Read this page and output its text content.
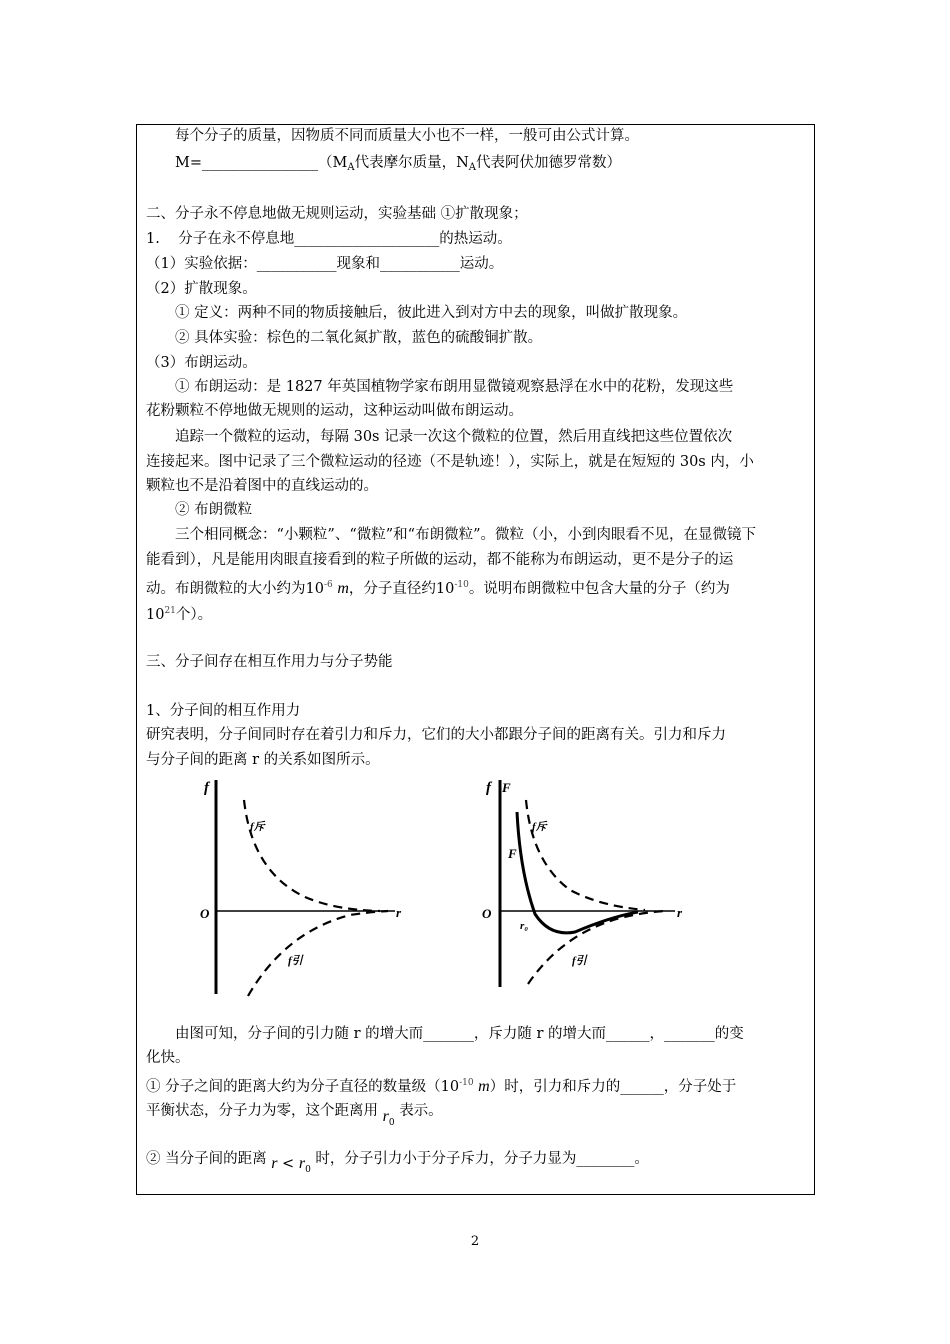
每个分子的质量，因物质不同而质量大小也不一样，一般可由公式计算。
$M=\_\_\_\_\_\_\_\_\_\_\_\_\_\_\_\_(M_A$代表摩尔质量，$N_A$代表阿伏加德罗常数）
二、分子永不停息地做无规则运动，实验基础 ①扩散现象；
1.    分子在永不停息地____________________的热运动。
（1）实验依据：___________现象和___________运动。
（2）扩散现象。
① 定义：两种不同的物质接触后，彼此进入到对方中去的现象，叫做扩散现象。
② 具体实验：棕色的二氧化氮扩散，蓝色的硫酸铜扩散。
（3）布朗运动。
① 布朗运动：是 1827 年英国植物学家布朗用显微镜观察悬浮在水中的花粉，发现这些
花粉颗粒不停地做无规则的运动，这种运动叫做布朗运动。
追踪一个微粒的运动，每隔 30s 记录一次这个微粒的位置，然后用直线把这些位置依次
连接起来。图中记录了三个微粒运动的径迹（不是轨迹！），实际上，就是在短短的 30s 内，小
颗粒也不是沿着图中的直线运动的。
② 布朗微粒
三个相同概念：“小颗粒”、“微粒”和“布朗微粒”。微粒（小，小到肉眼看不见，在显微镜下
能看到），凡是能用肉眼直接看到的粒子所做的运动，都不能称为布朗运动，更不是分子的运
动。布朗微粒的大小约为$10^{-6}$ m，分子直径约$10^{-10}$。说明布朗微粒中包含大量的分子（约为
$10^{21}$个）。
三、分子间存在相互作用力与分子势能
1、分子间的相互作用力
研究表明，分子间同时存在着引力和斥力，它们的大小都跟分子间的距离有关。引力和斥力
与分子间的距离 r 的关系如图所示。
f
O	r
f斥
f引
f F
O	r
f斥
F
r₀
f引
由图可知，分子间的引力随 r 的增大而_______，斥力随 r 的增大而______，_______的变
化快。
① 分子之间的距离大约为分子直径的数量级（$10^{-10}$ m）时，引力和斥力的______，分子处于
平衡状态，分子力为零，这个距离用 $r_0$ 表示。
② 当分子间的距离 $r < r_0$ 时，分子引力小于分子斥力，分子力显为________。
2
